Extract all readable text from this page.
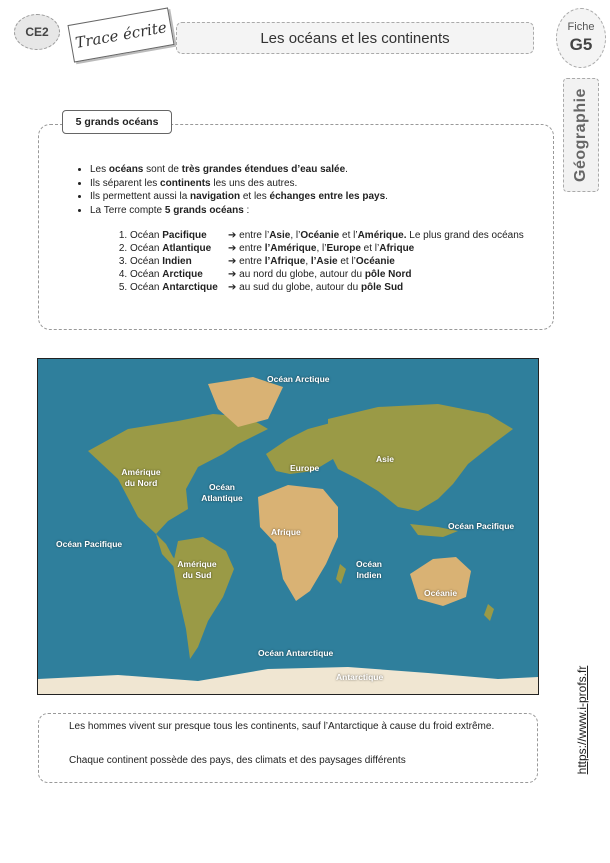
CE2 Trace écrite	Les océans et les continents
Fiche
G5
Géographie
5 grands océans
• Les océans sont de très grandes étendues d’eau salée.
• Ils séparent les continents les uns des autres.
• Ils permettent aussi la navigation et les échanges entre les pays.
• La Terre compte 5 grands océans :
1. Océan Pacifique ➔ entre l’Asie, l’Océanie et l’Amérique. Le plus grand des océans
2. Océan Atlantique ➔ entre l’Amérique, l’Europe et l’Afrique
3. Océan Indien	➔ entre l’Afrique, l’Asie et l’Océanie
4. Océan Arctique	➔ au nord du globe, autour du pôle Nord
5. Océan Antarctique ➔ au sud du globe, autour du pôle Sud
Océan Arctique
Amérique du Nord	Océan Atlantique
Europe
Asie
Océan Pacifique
Afrique
Océan Pacifique
Amérique du Sud
Océan Indien
Océanie
Océan Antarctique
Antarctique

Les hommes vivent sur presque tous les continents, sauf l’Antarctique à cause du froid extrême.

Chaque continent possède des pays, des climats et des paysages différents	https://www.i-profs.fr
